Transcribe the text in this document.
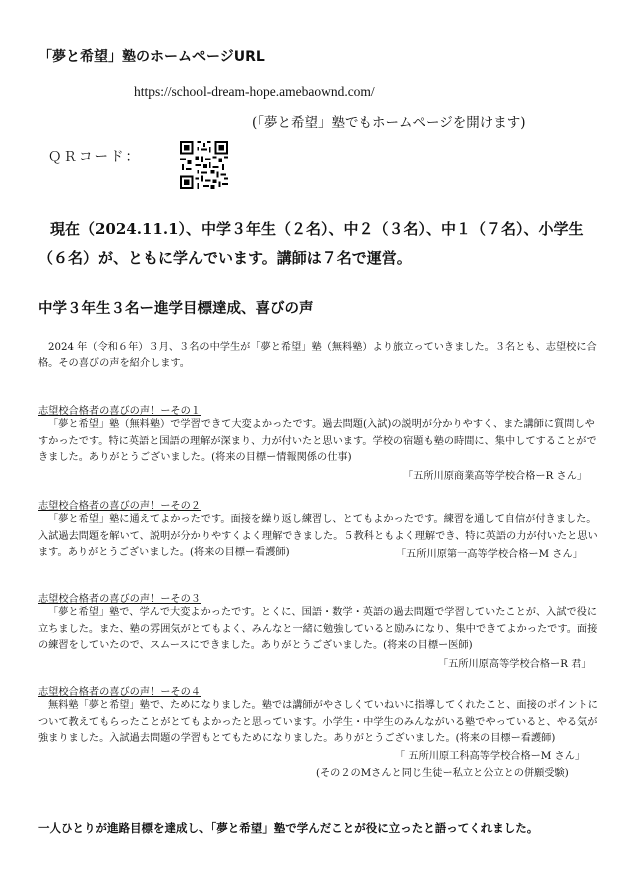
「夢と希望」塾のホームページURL

https://school-dream-hope.amebaownd.com/

(「夢と希望」塾でもホームページを開けます)

ＱＲコード：

現在（2024.11.1）、中学３年生（２名）、中２（３名）、中１（７名）、小学生（６名）が、ともに学んでいます。講師は７名で運営。

中学３年生３名ー進学目標達成、喜びの声

2024 年（令和６年）３月、３名の中学生が「夢と希望」塾（無料塾）より旅立っていきました。３名とも、志望校に合格。その喜びの声を紹介します。

志望校合格者の喜びの声！ーその１

「夢と希望」塾（無料塾）で学習できて大変よかったです。過去問題(入試)の説明が分かりやすく、また講師に質問しやすかったです。特に英語と国語の理解が深まり、力が付いたと思います。学校の宿題も塾の時間に、集中してすることができました。ありがとうございました。(将来の目標ー情報関係の仕事)

「五所川原商業高等学校合格ーR さん」

志望校合格者の喜びの声！ーその２

「夢と希望」塾に通えてよかったです。面接を繰り返し練習し、とてもよかったです。練習を通して自信が付きました。入試過去問題を解いて、説明が分かりやすくよく理解できました。５教科ともよく理解でき、特に英語の力が付いたと思います。ありがとうございました。(将来の目標ー看護師)	「五所川原第一高等学校合格ーM さん」

志望校合格者の喜びの声！ーその３

「夢と希望」塾で、学んで大変よかったです。とくに、国語・数学・英語の過去問題で学習していたことが、入試で役に立ちました。また、塾の雰囲気がとてもよく、みんなと一緒に勉強していると励みになり、集中できてよかったです。面接の練習をしていたので、スムースにできました。ありがとうございました。(将来の目標ー医師)

「五所川原高等学校合格ーR 君」

志望校合格者の喜びの声！ーその４

無料塾「夢と希望」塾で、ためになりました。塾では講師がやさしくていねいに指導してくれたこと、面接のポイントについて教えてもらったことがとてもよかったと思っています。小学生・中学生のみんながいる塾でやっていると、やる気が強まりました。入試過去問題の学習もとてもためになりました。ありがとうございました。(将来の目標ー看護師)

「 五所川原工科高等学校合格ーM さん」

(その２のMさんと同じ生徒ー私立と公立との併願受験)

一人ひとりが進路目標を達成し、「夢と希望」塾で学んだことが役に立ったと語ってくれました。
